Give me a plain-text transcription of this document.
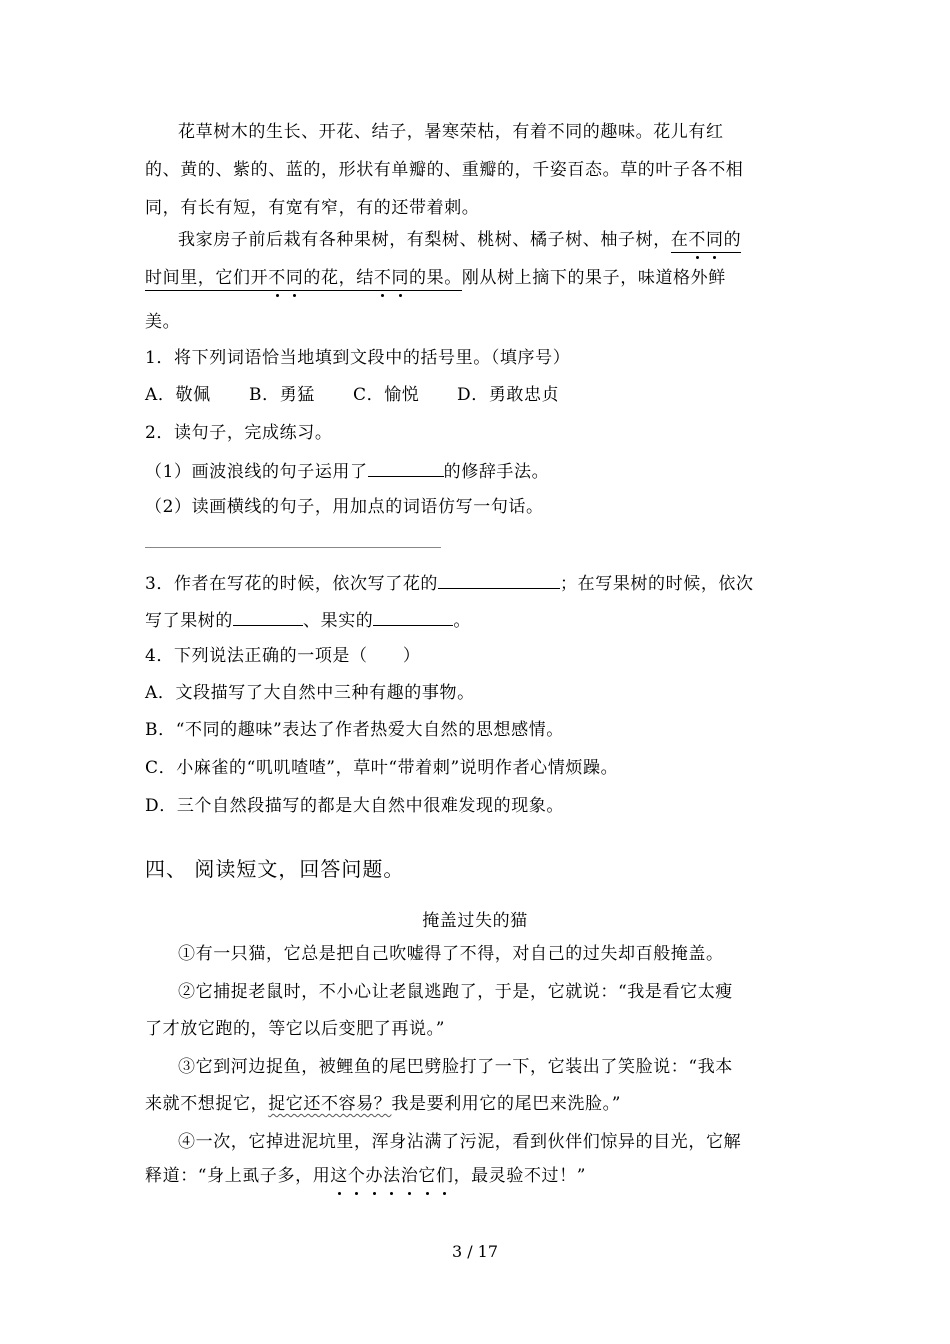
花草树木的生长、开花、结子，暑寒荣枯，有着不同的趣味。花儿有红
的、黄的、紫的、蓝的，形状有单瓣的、重瓣的，千姿百态。草的叶子各不相
同，有长有短，有宽有窄，有的还带着刺。
我家房子前后栽有各种果树，有梨树、桃树、橘子树、柚子树，在不同的
时间里，它们开不同的花，结不同的果。刚从树上摘下的果子，味道格外鲜
美。
1．将下列词语恰当地填到文段中的括号里。（填序号）
A．敬佩 B．勇猛 C．愉悦 D．勇敢忠贞
2．读句子，完成练习。
（1）画波浪线的句子运用了	的修辞手法。
（2）读画横线的句子，用加点的词语仿写一句话。
3．作者在写花的时候，依次写了花的	；在写果树的时候，依次
写了果树的	、果实的	。
4．下列说法正确的一项是（　　）
A．文段描写了大自然中三种有趣的事物。
B．“不同的趣味”表达了作者热爱大自然的思想感情。
C．小麻雀的“叽叽喳喳”，草叶“带着刺”说明作者心情烦躁。
D．三个自然段描写的都是大自然中很难发现的现象。
四、 阅读短文，回答问题。
掩盖过失的猫
①有一只猫，它总是把自己吹嘘得了不得，对自己的过失却百般掩盖。
②它捕捉老鼠时，不小心让老鼠逃跑了，于是，它就说：“我是看它太瘦
了才放它跑的，等它以后变肥了再说。”
③它到河边捉鱼，被鲤鱼的尾巴劈脸打了一下，它装出了笑脸说：“我本
来就不想捉它，捉它还不容易？我是要利用它的尾巴来洗脸。”
④一次，它掉进泥坑里，浑身沾满了污泥，看到伙伴们惊异的目光，它解
释道：“身上虱子多，用这个办法治它们，最灵验不过！”
3 / 17
